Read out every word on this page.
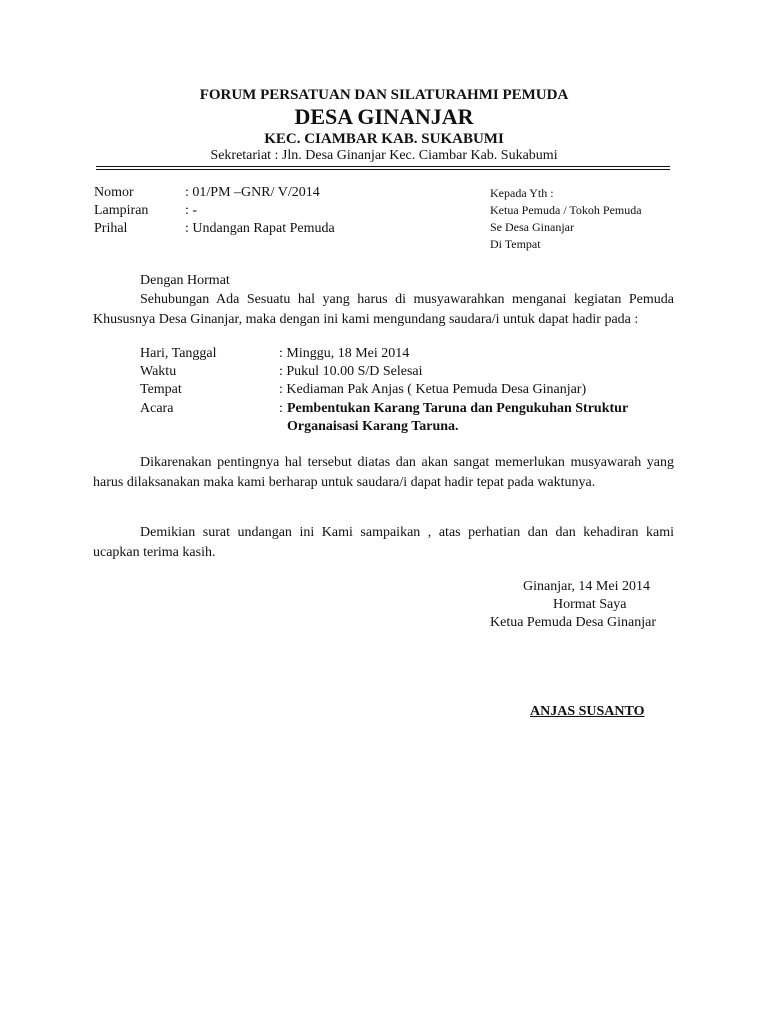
FORUM PERSATUAN DAN SILATURAHMI PEMUDA
DESA GINANJAR
KEC. CIAMBAR KAB. SUKABUMI
Sekretariat : Jln. Desa Ginanjar Kec. Ciambar Kab. Sukabumi
Nomor	: 01/PM –GNR/ V/2014
Lampiran	: -
Prihal	: Undangan Rapat Pemuda
Kepada Yth :
Ketua Pemuda / Tokoh Pemuda
Se Desa Ginanjar
Di Tempat
Dengan Hormat
Sehubungan Ada Sesuatu hal yang harus di musyawarahkan menganai kegiatan Pemuda Khususnya Desa Ginanjar, maka dengan ini kami mengundang saudara/i untuk dapat hadir pada :
Hari, Tanggal	: Minggu, 18 Mei 2014
Waktu	: Pukul 10.00 S/D Selesai
Tempat	: Kediaman Pak Anjas ( Ketua Pemuda Desa Ginanjar)
Acara	: Pembentukan Karang Taruna dan Pengukuhan Struktur
Organaisasi Karang Taruna.
Dikarenakan pentingnya hal tersebut diatas dan akan sangat memerlukan musyawarah yang harus dilaksanakan maka kami berharap untuk saudara/i dapat hadir tepat pada waktunya.
Demikian surat undangan ini Kami sampaikan , atas perhatian dan dan kehadiran kami ucapkan terima kasih.
Ginanjar, 14 Mei 2014
Hormat Saya
Ketua Pemuda Desa Ginanjar
ANJAS SUSANTO
